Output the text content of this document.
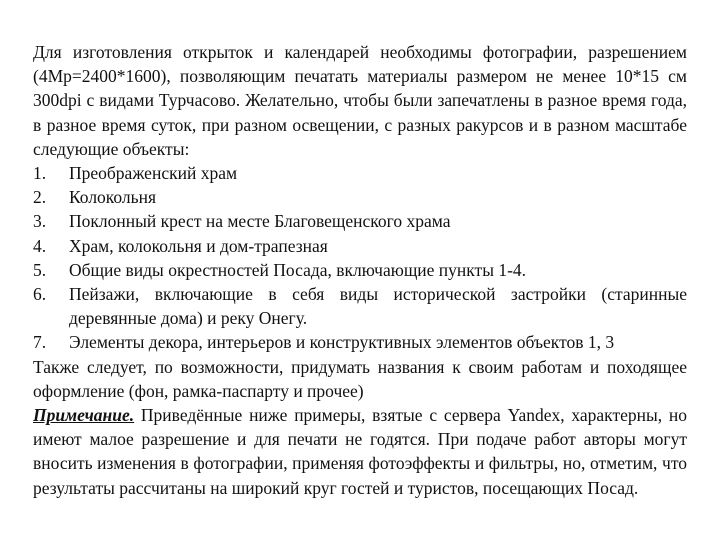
Для изготовления открыток и календарей необходимы фотографии, разрешением (4Mp=2400*1600), позволяющим печатать материалы размером не менее 10*15 см 300dpi с видами Турчасово. Желательно, чтобы были запечатлены в разное время года, в разное время суток, при разном освещении, с разных ракурсов и в разном масштабе следующие объекты:

1.	Преображенский храм
2.	Колокольня
3.	Поклонный крест на месте Благовещенского храма
4.	Храм, колокольня и дом-трапезная
5.	Общие виды окрестностей Посада, включающие пункты 1-4.
6.	Пейзажи, включающие в себя виды исторической застройки (старинные деревянные дома) и реку Онегу.
7.	Элементы декора, интерьеров и конструктивных элементов объектов 1, 3

Также следует, по возможности, придумать названия к своим работам и походящее оформление (фон, рамка-паспарту и прочее)

Примечание. Приведённые ниже примеры, взятые с сервера Yandex, характерны, но имеют малое разрешение и для печати не годятся. При подаче работ авторы могут вносить изменения в фотографии, применяя фотоэффекты и фильтры, но, отметим, что результаты рассчитаны на широкий круг гостей и туристов, посещающих Посад.
